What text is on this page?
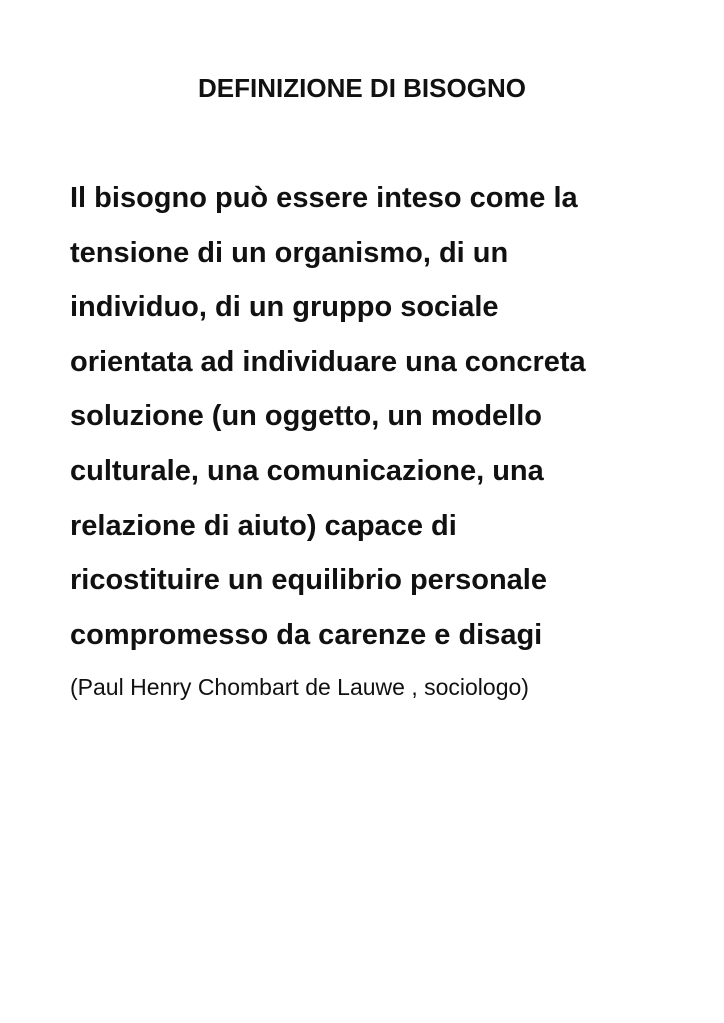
DEFINIZIONE DI BISOGNO
Il bisogno può essere inteso come la
tensione di un organismo, di un
individuo, di un gruppo sociale
orientata ad individuare una concreta
soluzione (un oggetto, un modello
culturale, una comunicazione, una
relazione di aiuto) capace di
ricostituire un equilibrio personale
compromesso da carenze e disagi
(Paul Henry Chombart de Lauwe , sociologo)
